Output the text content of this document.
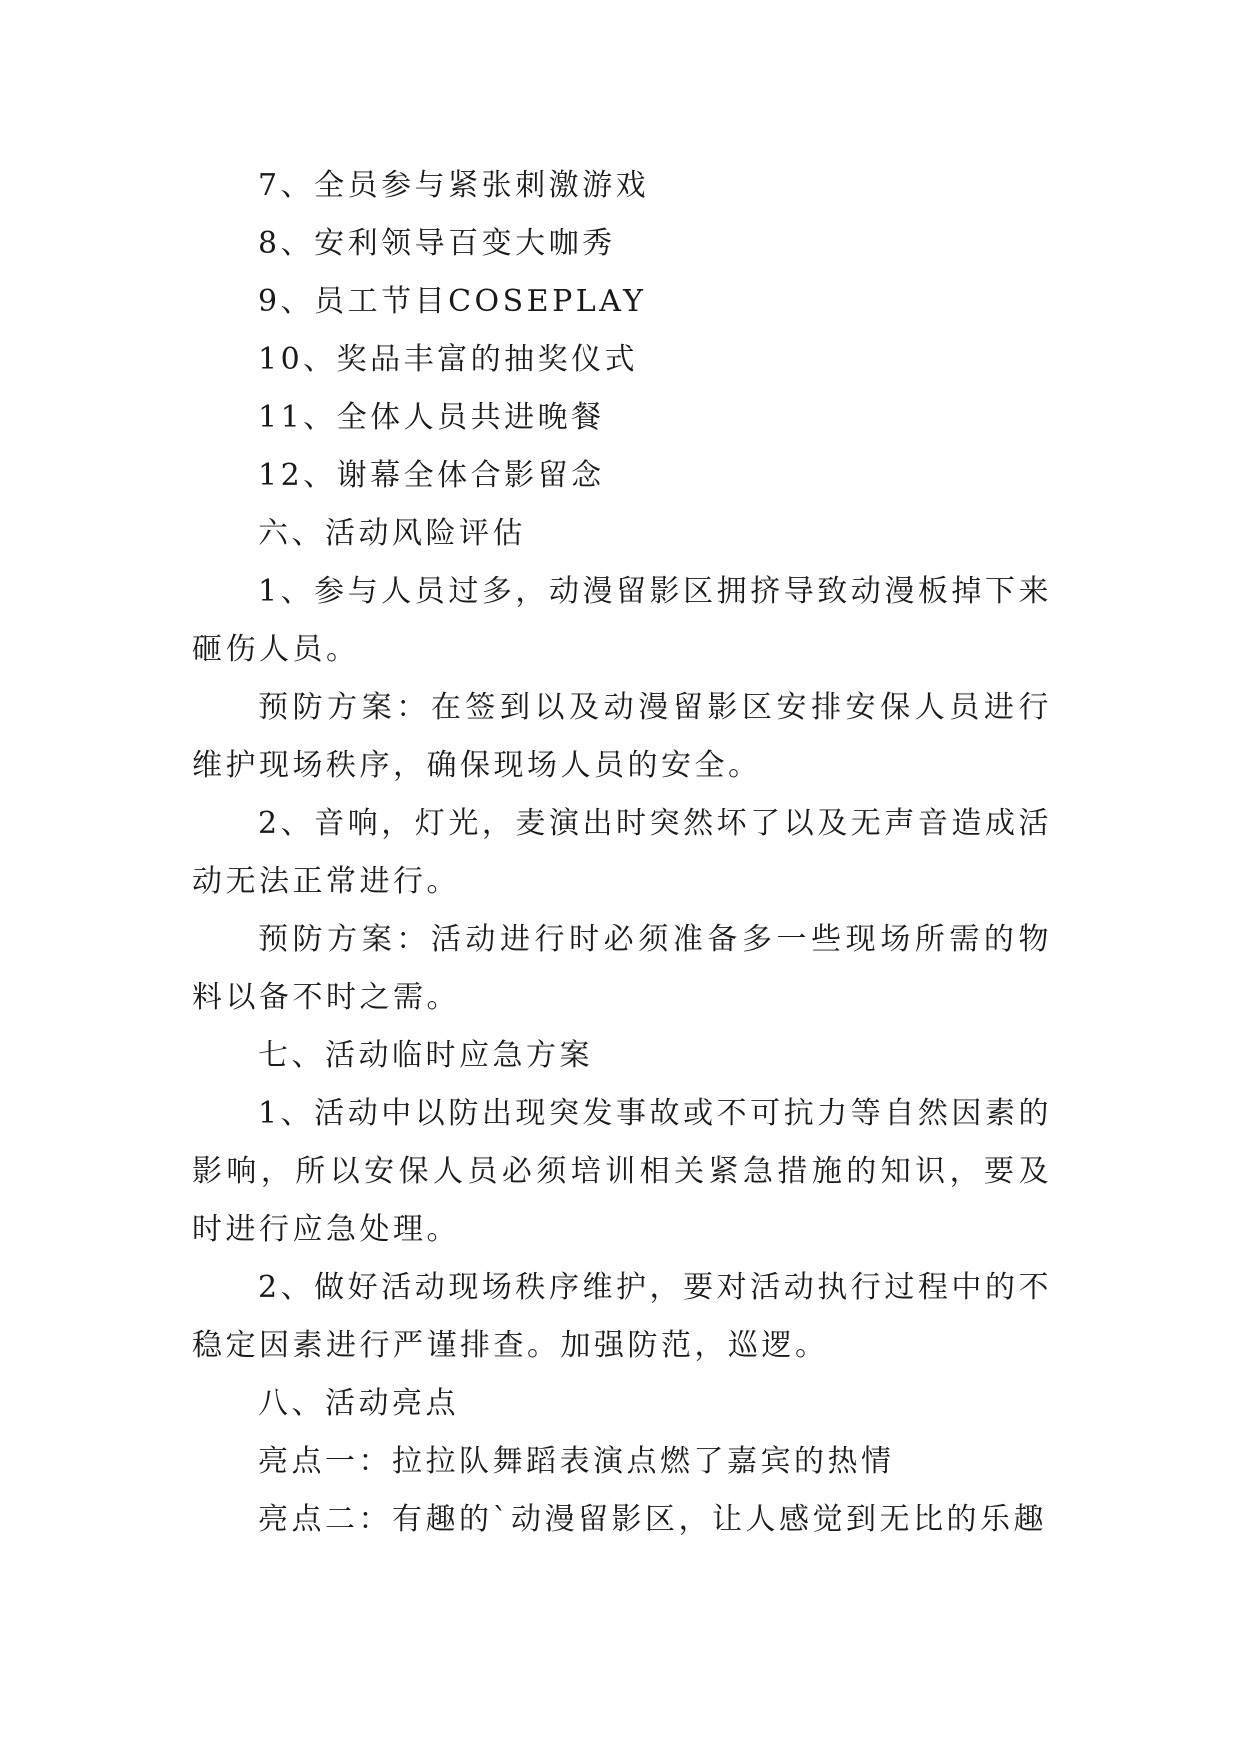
7、全员参与紧张刺激游戏

8、安利领导百变大咖秀

9、员工节目COSEPLAY

10、奖品丰富的抽奖仪式

11、全体人员共进晚餐

12、谢幕全体合影留念

六、活动风险评估

1、参与人员过多，动漫留影区拥挤导致动漫板掉下来砸伤人员。

预防方案：在签到以及动漫留影区安排安保人员进行维护现场秩序，确保现场人员的安全。

2、音响，灯光，麦演出时突然坏了以及无声音造成活动无法正常进行。

预防方案：活动进行时必须准备多一些现场所需的物料以备不时之需。

七、活动临时应急方案

1、活动中以防出现突发事故或不可抗力等自然因素的影响，所以安保人员必须培训相关紧急措施的知识，要及时进行应急处理。

2、做好活动现场秩序维护，要对活动执行过程中的不稳定因素进行严谨排查。加强防范，巡逻。

八、活动亮点

亮点一：拉拉队舞蹈表演点燃了嘉宾的热情

亮点二：有趣的`动漫留影区，让人感觉到无比的乐趣
